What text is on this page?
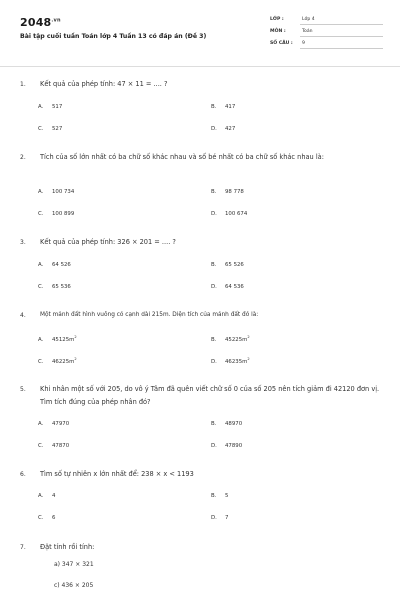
$2048^{.vn}$
Bài tập cuối tuần Toán lớp 4 Tuần 13 có đáp án (Đề 3)
LỚP :	Lớp 4
MÔN :	Toán
SỐ CÂU : 9
1. Kết quả của phép tính: 47 × 11 = .... ?
A. 517	B. 417
C. 527	D. 427
2. Tích của số lớn nhất có ba chữ số khác nhau và số bé nhất có ba chữ số khác nhau là:
A. 100 734	B. 98 778
C. 100 899	D. 100 674
3. Kết quả của phép tính: 326 × 201 = .... ?
A. 64 526	B. 65 526
C. 65 536	D. 64 536
4. Một mảnh đất hình vuông có cạnh dài 215m. Diện tích của mảnh đất đó là:
A. $45125m^2$	B. $45225m^2$
C. $46225m^2$	D. $46235m^2$
5. Khi nhân một số với 205, do vô ý Tâm đã quên viết chữ số 0 của số 205 nên tích giảm đi 42120 đơn vị. Tìm tích đúng của phép nhân đó?
A. 47970	B. 48970
C. 47870	D. 47890
6. Tìm số tự nhiên x lớn nhất để: 238 × x < 1193
A. 4	B. 5
C. 6	D. 7
7. Đặt tính rồi tính:
a) 347 × 321
c) 436 × 205
